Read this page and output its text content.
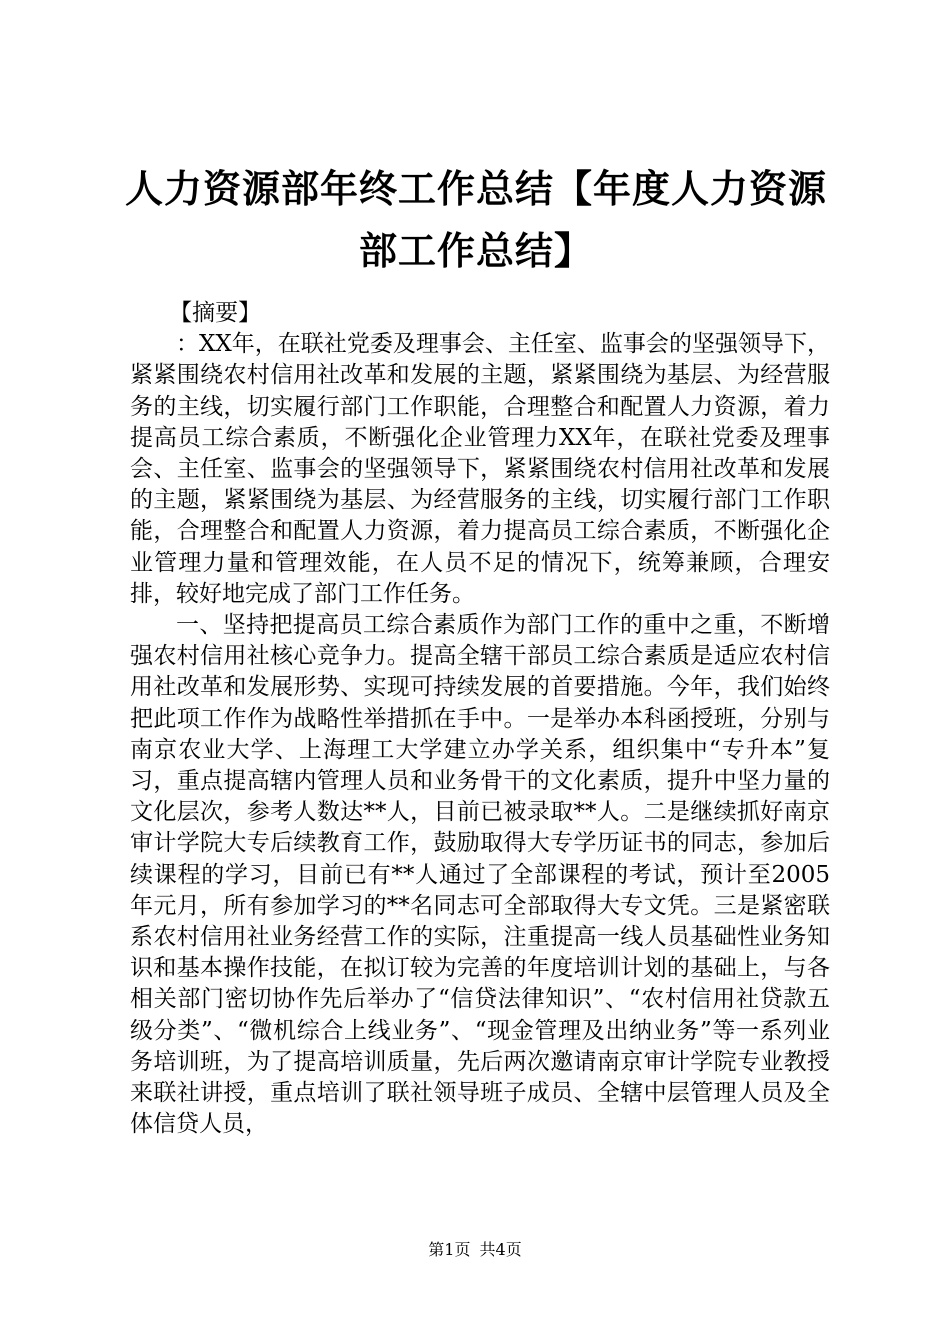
人力资源部年终工作总结【年度人力资源部工作总结】

【摘要】

：XX年，在联社党委及理事会、主任室、监事会的坚强领导下，紧紧围绕农村信用社改革和发展的主题，紧紧围绕为基层、为经营服务的主线，切实履行部门工作职能，合理整合和配置人力资源，着力提高员工综合素质，不断强化企业管理力XX年，在联社党委及理事会、主任室、监事会的坚强领导下，紧紧围绕农村信用社改革和发展的主题，紧紧围绕为基层、为经营服务的主线，切实履行部门工作职能，合理整合和配置人力资源，着力提高员工综合素质，不断强化企业管理力量和管理效能，在人员不足的情况下，统筹兼顾，合理安排，较好地完成了部门工作任务。

一、坚持把提高员工综合素质作为部门工作的重中之重，不断增强农村信用社核心竞争力。提高全辖干部员工综合素质是适应农村信用社改革和发展形势、实现可持续发展的首要措施。今年，我们始终把此项工作作为战略性举措抓在手中。一是举办本科函授班，分别与南京农业大学、上海理工大学建立办学关系，组织集中“专升本”复习，重点提高辖内管理人员和业务骨干的文化素质，提升中坚力量的文化层次，参考人数达**人，目前已被录取**人。二是继续抓好南京审计学院大专后续教育工作，鼓励取得大专学历证书的同志，参加后续课程的学习，目前已有**人通过了全部课程的考试，预计至2005年元月，所有参加学习的**名同志可全部取得大专文凭。三是紧密联系农村信用社业务经营工作的实际，注重提高一线人员基础性业务知识和基本操作技能，在拟订较为完善的年度培训计划的基础上，与各相关部门密切协作先后举办了“信贷法律知识”、“农村信用社贷款五级分类”、“微机综合上线业务”、“现金管理及出纳业务”等一系列业务培训班，为了提高培训质量，先后两次邀请南京审计学院专业教授来联社讲授，重点培训了联社领导班子成员、全辖中层管理人员及全体信贷人员，

第1页 共4页
